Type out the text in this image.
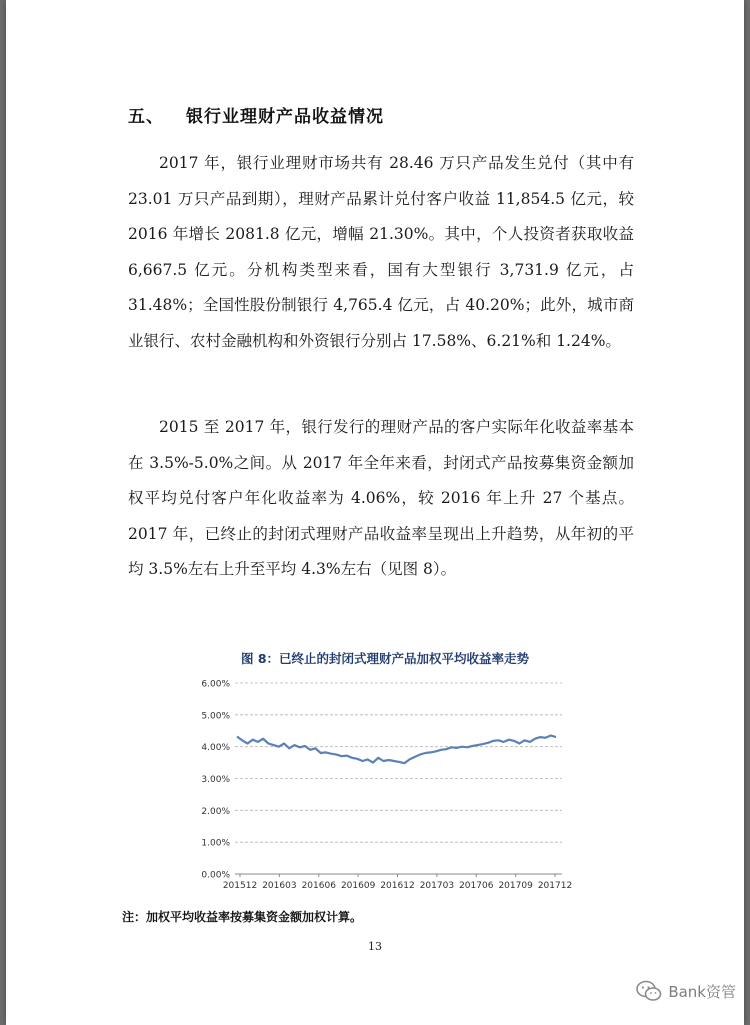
五、 银行业理财产品收益情况
2017 年，银行业理财市场共有 28.46 万只产品发生兑付（其中有 23.01 万只产品到期），理财产品累计兑付客户收益 11,854.5 亿元，较 2016 年增长 2081.8 亿元，增幅 21.30%。其中，个人投资者获取收益 6,667.5 亿元。分机构类型来看，国有大型银行 3,731.9 亿元，占 31.48%；全国性股份制银行 4,765.4 亿元，占 40.20%；此外，城市商业银行、农村金融机构和外资银行分别占 17.58%、6.21%和 1.24%。
2015 至 2017 年，银行发行的理财产品的客户实际年化收益率基本在 3.5%-5.0%之间。从 2017 年全年来看，封闭式产品按募集资金额加权平均兑付客户年化收益率为 4.06%，较 2016 年上升 27 个基点。2017 年，已终止的封闭式理财产品收益率呈现出上升趋势，从年初的平均 3.5%左右上升至平均 4.3%左右（见图 8）。
图 8：已终止的封闭式理财产品加权平均收益率走势
0.00%
1.00%
2.00%
3.00%
4.00%
5.00%
6.00%
201512 201603 201606 201609 201612 201703 201706 201709 201712
注：加权平均收益率按募集资金额加权计算。
13
Bank资管
